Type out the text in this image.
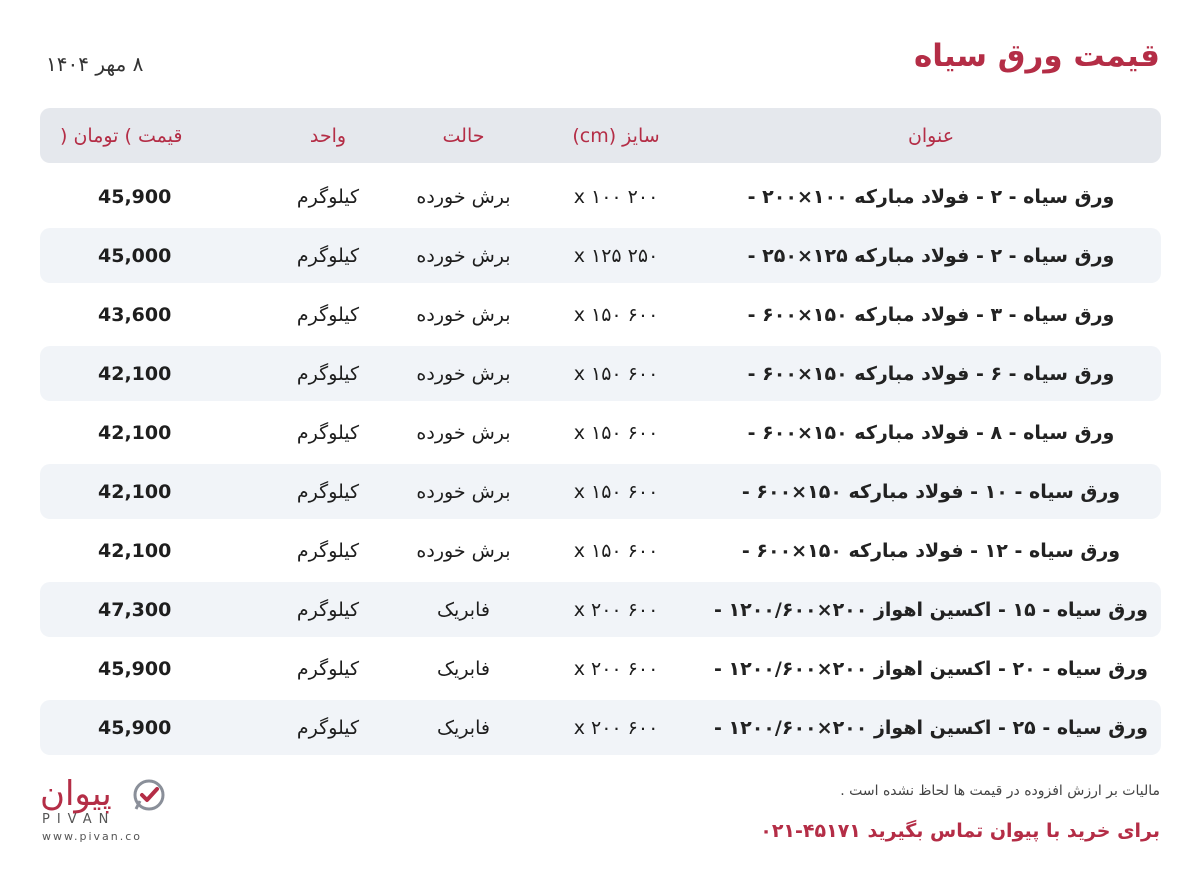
قیمت ورق سیاه
۸ مهر ۱۴۰۴
عنوان
سایز (cm)
حالت
واحد
قیمت ) تومان (
ورق سیاه - ۲ - فولاد مبارکه ۱۰۰×۲۰۰ -
۲۰۰ x ۱۰۰
برش خورده
کیلوگرم
45,900
ورق سیاه - ۲ - فولاد مبارکه ۱۲۵×۲۵۰ -
۲۵۰ x ۱۲۵
برش خورده
کیلوگرم
45,000
ورق سیاه - ۳ - فولاد مبارکه ۱۵۰×۶۰۰ -
۶۰۰ x ۱۵۰
برش خورده
کیلوگرم
43,600
ورق سیاه - ۶ - فولاد مبارکه ۱۵۰×۶۰۰ -
۶۰۰ x ۱۵۰
برش خورده
کیلوگرم
42,100
ورق سیاه - ۸ - فولاد مبارکه ۱۵۰×۶۰۰ -
۶۰۰ x ۱۵۰
برش خورده
کیلوگرم
42,100
ورق سیاه - ۱۰ - فولاد مبارکه ۱۵۰×۶۰۰ -
۶۰۰ x ۱۵۰
برش خورده
کیلوگرم
42,100
ورق سیاه - ۱۲ - فولاد مبارکه ۱۵۰×۶۰۰ -
۶۰۰ x ۱۵۰
برش خورده
کیلوگرم
42,100
ورق سیاه - ۱۵ - اکسین اهواز ۲۰۰×۱۲۰۰/۶۰۰ -
۶۰۰ x ۲۰۰
فابریک
کیلوگرم
47,300
ورق سیاه - ۲۰ - اکسین اهواز ۲۰۰×۱۲۰۰/۶۰۰ -
۶۰۰ x ۲۰۰
فابریک
کیلوگرم
45,900
ورق سیاه - ۲۵ - اکسین اهواز ۲۰۰×۱۲۰۰/۶۰۰ -
۶۰۰ x ۲۰۰
فابریک
کیلوگرم
45,900
مالیات بر ارزش افزوده در قیمت ها لحاظ نشده است .
برای خرید با پیوان تماس بگیرید ۴۵۱۷۱-۰۲۱
پیوان
PIVAN
www.pivan.co
